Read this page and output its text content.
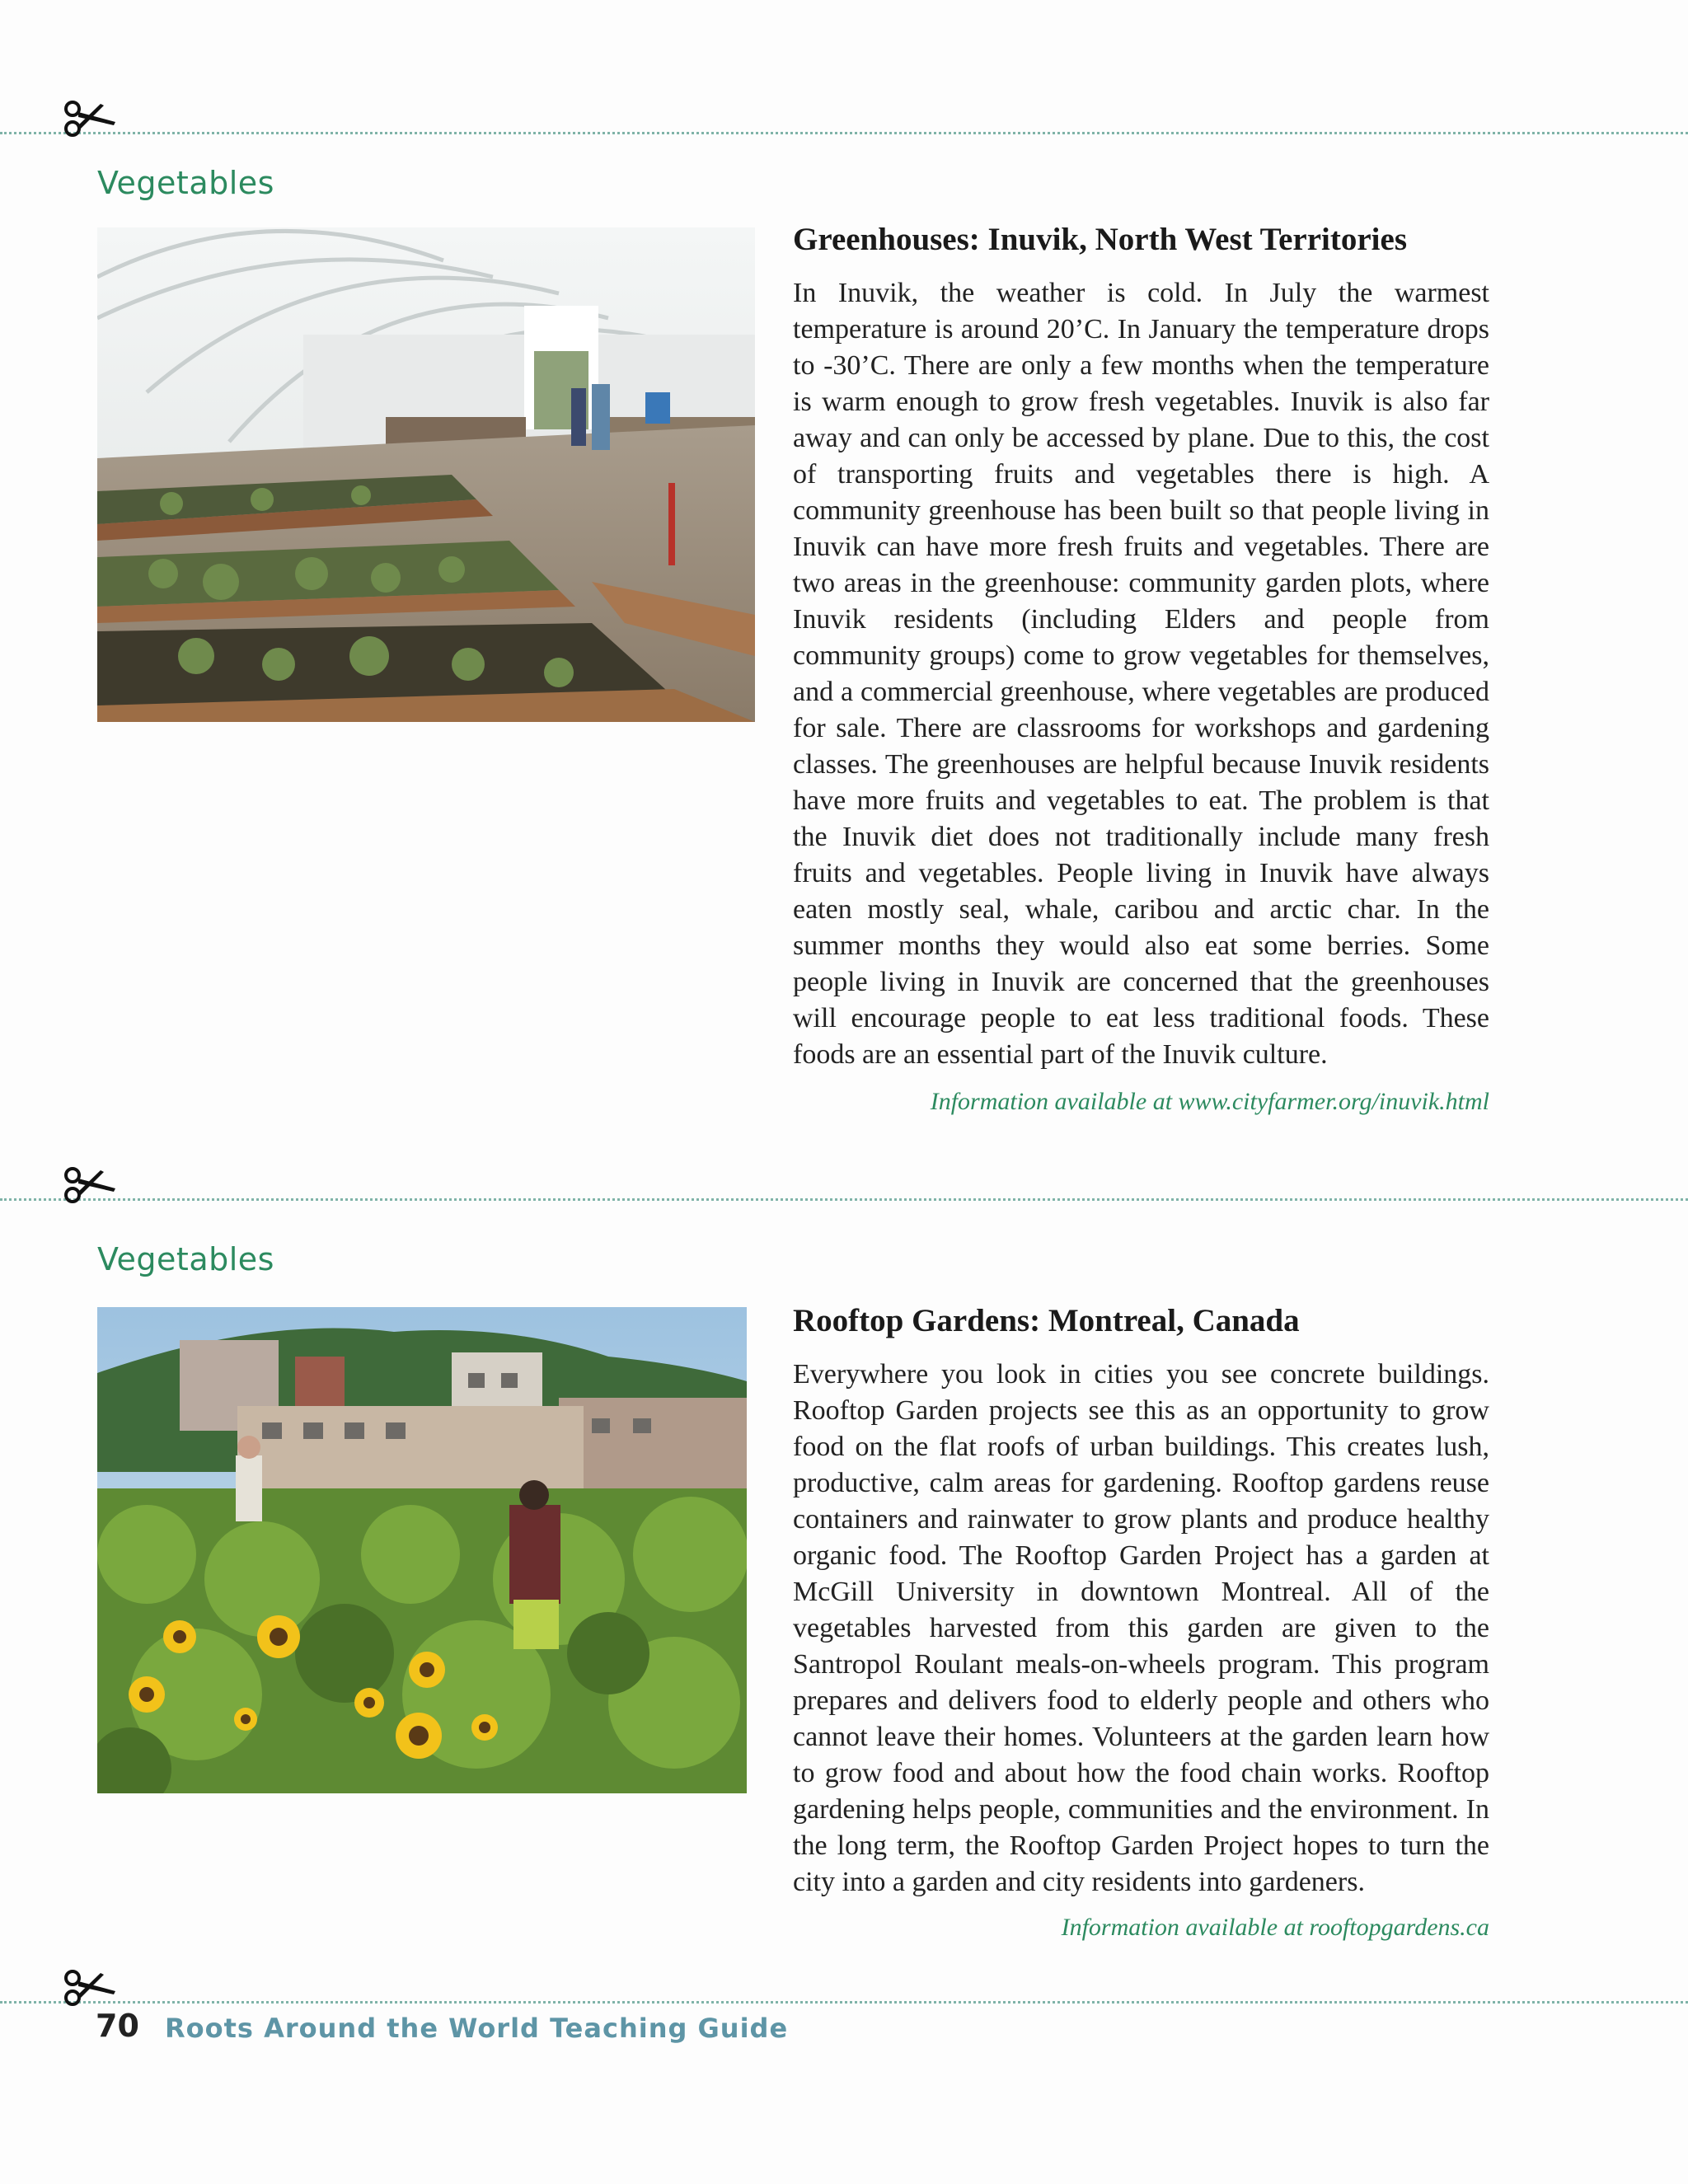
Vegetables
Greenhouses: Inuvik, North West Territories

In Inuvik, the weather is cold. In July the warmest temperature is around 20’C. In January the temperature drops to -30’C. There are only a few months when the temperature is warm enough to grow fresh vegetables. Inuvik is also far away and can only be accessed by plane. Due to this, the cost of transporting fruits and vegetables there is high. A community greenhouse has been built so that people living in Inuvik can have more fresh fruits and vegetables. There are two areas in the greenhouse: community garden plots, where Inuvik residents (including Elders and people from community groups) come to grow vegetables for themselves, and a commercial greenhouse, where vegetables are produced for sale. There are classrooms for workshops and gardening classes. The greenhouses are helpful because Inuvik residents have more fruits and vegetables to eat. The problem is that the Inuvik diet does not traditionally include many fresh fruits and vegetables. People living in Inuvik have always eaten mostly seal, whale, caribou and arctic char. In the summer months they would also eat some berries. Some people living in Inuvik are concerned that the greenhouses will encourage people to eat less traditional foods. These foods are an essential part of the Inuvik culture.

Information available at www.cityfarmer.org/inuvik.html
Vegetables
Rooftop Gardens: Montreal, Canada

Everywhere you look in cities you see concrete buildings. Rooftop Garden projects see this as an opportunity to grow food on the flat roofs of urban buildings. This creates lush, productive, calm areas for gardening. Rooftop gardens reuse containers and rainwater to grow plants and produce healthy organic food. The Rooftop Garden Project has a garden at McGill University in downtown Montreal. All of the vegetables harvested from this garden are given to the Santropol Roulant meals-on-wheels program. This program prepares and delivers food to elderly people and others who cannot leave their homes. Volunteers at the garden learn how to grow food and about how the food chain works. Rooftop gardening helps people, communities and the environment. In the long term, the Rooftop Garden Project hopes to turn the city into a garden and city residents into gardeners.

Information available at rooftopgardens.ca
70 Roots Around the World Teaching Guide
